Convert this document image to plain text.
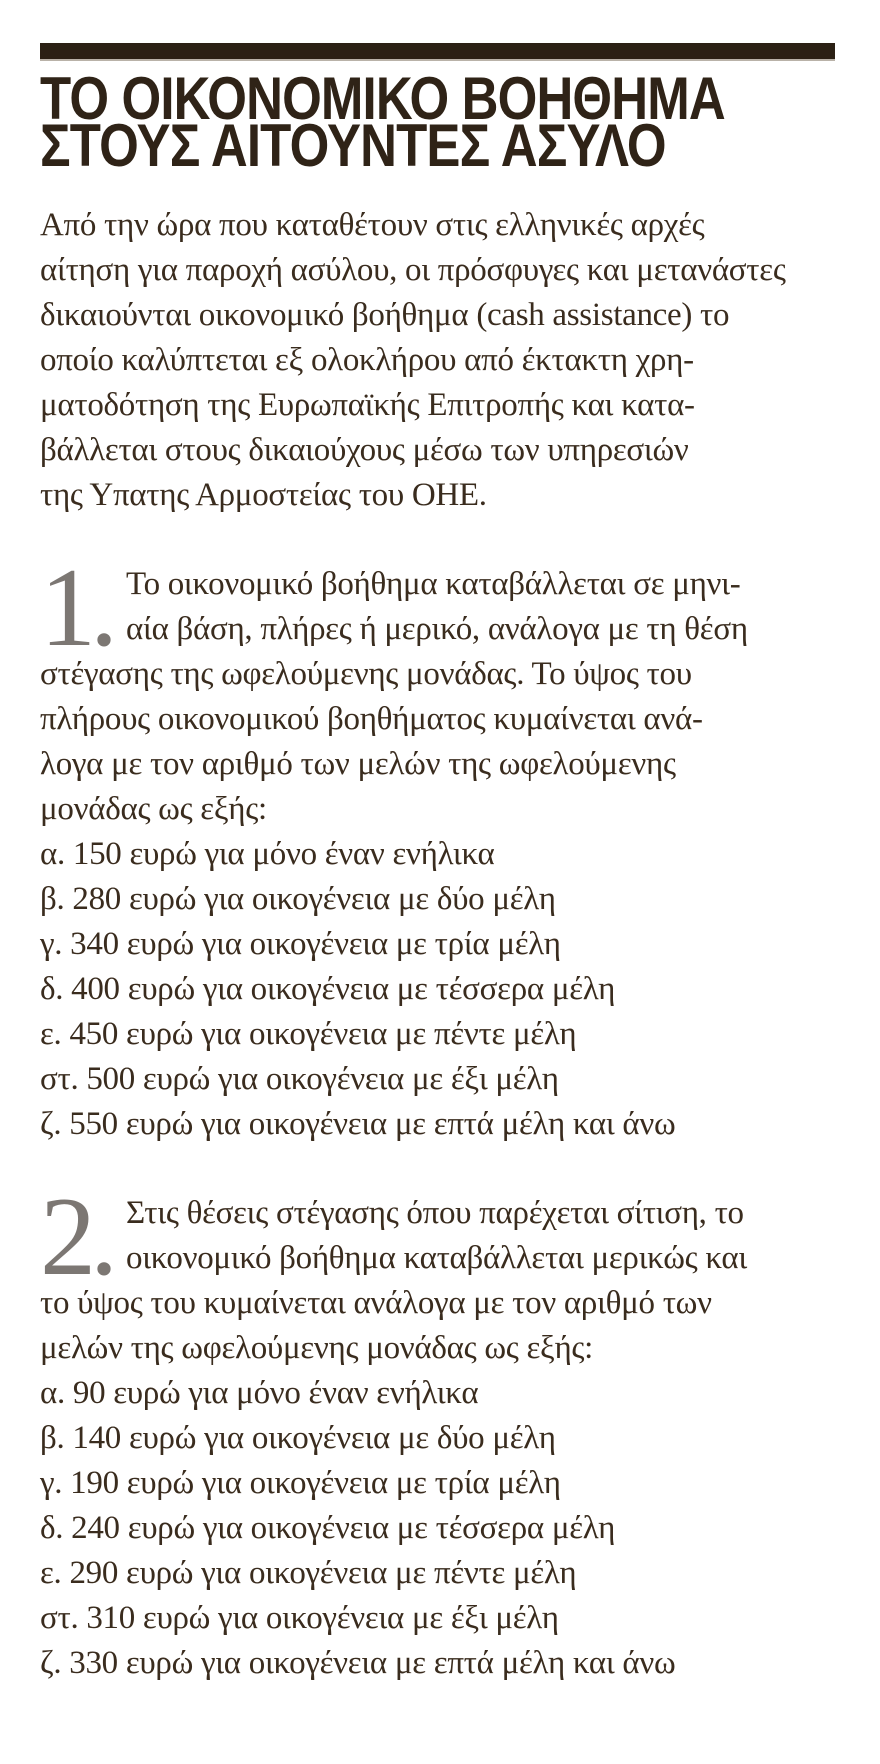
ΤΟ ΟΙΚΟΝΟΜΙΚΟ ΒΟΗΘΗΜΑ
ΣΤΟΥΣ ΑΙΤΟΥΝΤΕΣ ΑΣΥΛΟ
Από την ώρα που καταθέτουν στις ελληνικές αρχές
αίτηση για παροχή ασύλου, οι πρόσφυγες και μετανάστες
δικαιούνται οικονομικό βοήθημα (cash assistance) το
οποίο καλύπτεται εξ ολοκλήρου από έκτακτη χρη-
ματοδότηση της Ευρωπαϊκής Επιτροπής και κατα-
βάλλεται στους δικαιούχους μέσω των υπηρεσιών
της Υπατης Αρμοστείας του ΟΗΕ.
1. Το οικονομικό βοήθημα καταβάλλεται σε μηνι-
αία βάση, πλήρες ή μερικό, ανάλογα με τη θέση
στέγασης της ωφελούμενης μονάδας. Το ύψος του
πλήρους οικονομικού βοηθήματος κυμαίνεται ανά-
λογα με τον αριθμό των μελών της ωφελούμενης
μονάδας ως εξής:
α. 150 ευρώ για μόνο έναν ενήλικα
β. 280 ευρώ για οικογένεια με δύο μέλη
γ. 340 ευρώ για οικογένεια με τρία μέλη
δ. 400 ευρώ για οικογένεια με τέσσερα μέλη
ε. 450 ευρώ για οικογένεια με πέντε μέλη
στ. 500 ευρώ για οικογένεια με έξι μέλη
ζ. 550 ευρώ για οικογένεια με επτά μέλη και άνω
2. Στις θέσεις στέγασης όπου παρέχεται σίτιση, το
οικονομικό βοήθημα καταβάλλεται μερικώς και
το ύψος του κυμαίνεται ανάλογα με τον αριθμό των
μελών της ωφελούμενης μονάδας ως εξής:
α. 90 ευρώ για μόνο έναν ενήλικα
β. 140 ευρώ για οικογένεια με δύο μέλη
γ. 190 ευρώ για οικογένεια με τρία μέλη
δ. 240 ευρώ για οικογένεια με τέσσερα μέλη
ε. 290 ευρώ για οικογένεια με πέντε μέλη
στ. 310 ευρώ για οικογένεια με έξι μέλη
ζ. 330 ευρώ για οικογένεια με επτά μέλη και άνω
